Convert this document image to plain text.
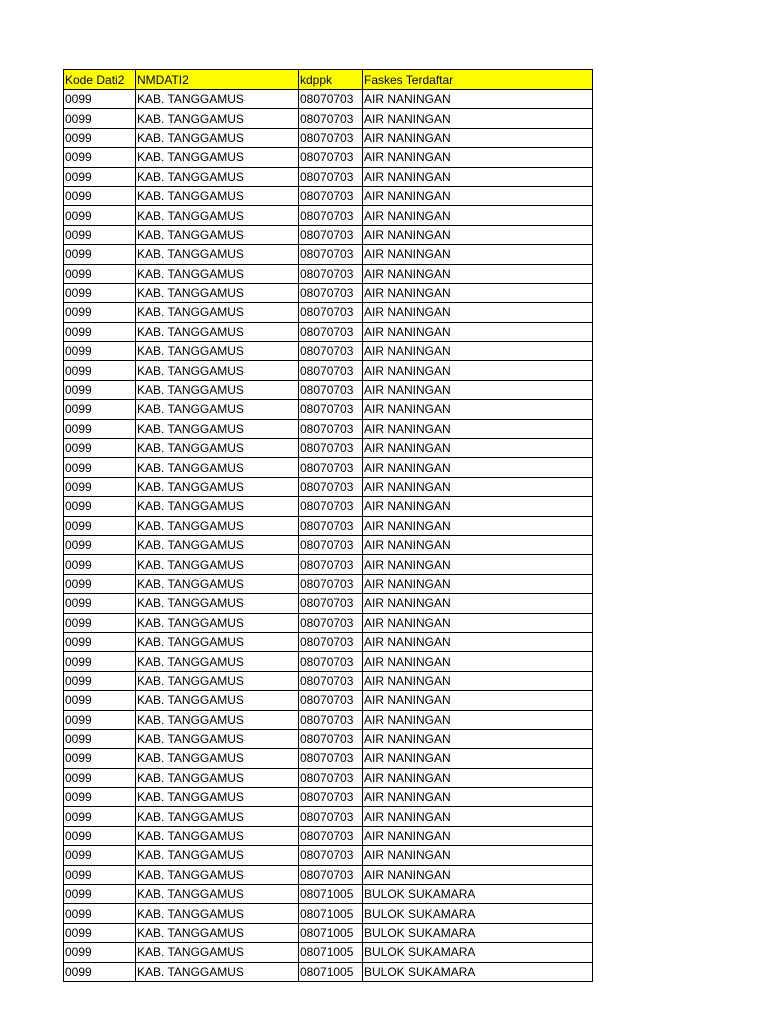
Kode Dati2	NMDATI2	kdppk	Faskes Terdaftar
0099	KAB. TANGGAMUS	08070703	AIR NANINGAN
0099	KAB. TANGGAMUS	08070703	AIR NANINGAN
0099	KAB. TANGGAMUS	08070703	AIR NANINGAN
0099	KAB. TANGGAMUS	08070703	AIR NANINGAN
0099	KAB. TANGGAMUS	08070703	AIR NANINGAN
0099	KAB. TANGGAMUS	08070703	AIR NANINGAN
0099	KAB. TANGGAMUS	08070703	AIR NANINGAN
0099	KAB. TANGGAMUS	08070703	AIR NANINGAN
0099	KAB. TANGGAMUS	08070703	AIR NANINGAN
0099	KAB. TANGGAMUS	08070703	AIR NANINGAN
0099	KAB. TANGGAMUS	08070703	AIR NANINGAN
0099	KAB. TANGGAMUS	08070703	AIR NANINGAN
0099	KAB. TANGGAMUS	08070703	AIR NANINGAN
0099	KAB. TANGGAMUS	08070703	AIR NANINGAN
0099	KAB. TANGGAMUS	08070703	AIR NANINGAN
0099	KAB. TANGGAMUS	08070703	AIR NANINGAN
0099	KAB. TANGGAMUS	08070703	AIR NANINGAN
0099	KAB. TANGGAMUS	08070703	AIR NANINGAN
0099	KAB. TANGGAMUS	08070703	AIR NANINGAN
0099	KAB. TANGGAMUS	08070703	AIR NANINGAN
0099	KAB. TANGGAMUS	08070703	AIR NANINGAN
0099	KAB. TANGGAMUS	08070703	AIR NANINGAN
0099	KAB. TANGGAMUS	08070703	AIR NANINGAN
0099	KAB. TANGGAMUS	08070703	AIR NANINGAN
0099	KAB. TANGGAMUS	08070703	AIR NANINGAN
0099	KAB. TANGGAMUS	08070703	AIR NANINGAN
0099	KAB. TANGGAMUS	08070703	AIR NANINGAN
0099	KAB. TANGGAMUS	08070703	AIR NANINGAN
0099	KAB. TANGGAMUS	08070703	AIR NANINGAN
0099	KAB. TANGGAMUS	08070703	AIR NANINGAN
0099	KAB. TANGGAMUS	08070703	AIR NANINGAN
0099	KAB. TANGGAMUS	08070703	AIR NANINGAN
0099	KAB. TANGGAMUS	08070703	AIR NANINGAN
0099	KAB. TANGGAMUS	08070703	AIR NANINGAN
0099	KAB. TANGGAMUS	08070703	AIR NANINGAN
0099	KAB. TANGGAMUS	08070703	AIR NANINGAN
0099	KAB. TANGGAMUS	08070703	AIR NANINGAN
0099	KAB. TANGGAMUS	08070703	AIR NANINGAN
0099	KAB. TANGGAMUS	08070703	AIR NANINGAN
0099	KAB. TANGGAMUS	08070703	AIR NANINGAN
0099	KAB. TANGGAMUS	08070703	AIR NANINGAN
0099	KAB. TANGGAMUS	08071005	BULOK SUKAMARA
0099	KAB. TANGGAMUS	08071005	BULOK SUKAMARA
0099	KAB. TANGGAMUS	08071005	BULOK SUKAMARA
0099	KAB. TANGGAMUS	08071005	BULOK SUKAMARA
0099	KAB. TANGGAMUS	08071005	BULOK SUKAMARA
